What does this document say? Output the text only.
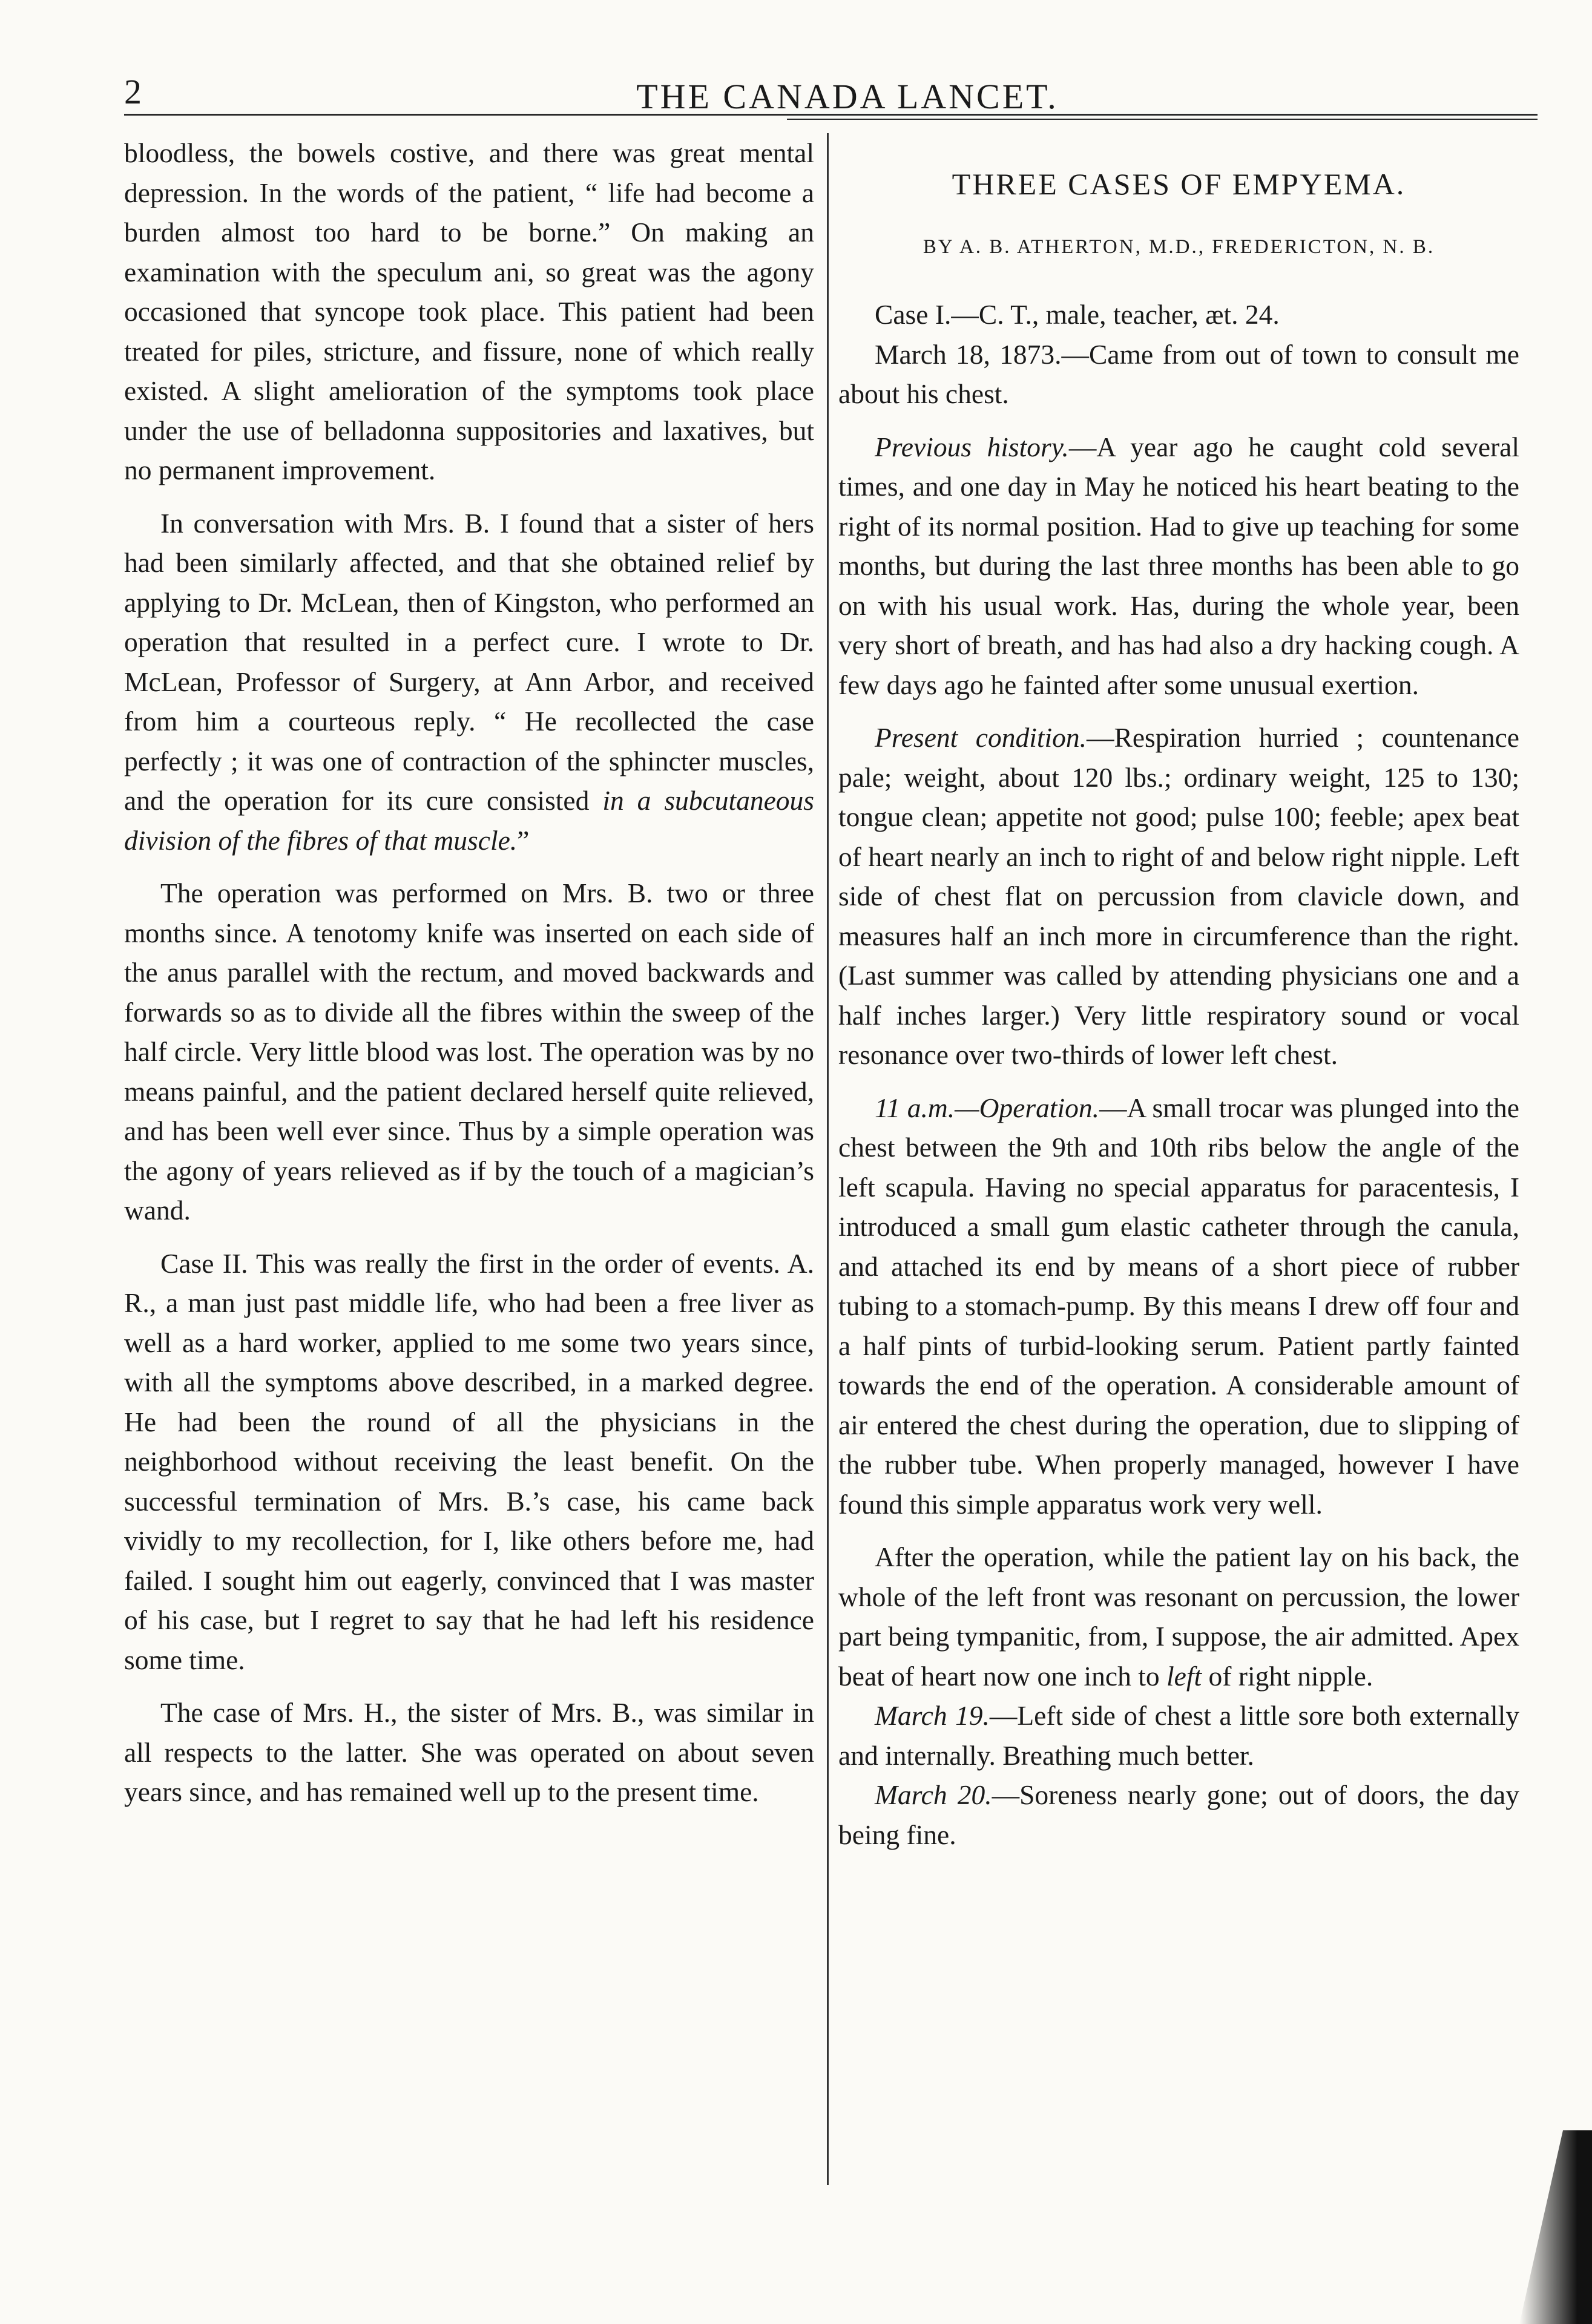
2	THE CANADA LANCET.

bloodless, the bowels costive, and there was great mental depression. In the words of the patient, “ life had become a burden almost too hard to be borne.” On making an examination with the speculum ani, so great was the agony occasioned that syncope took place. This patient had been treated for piles, stricture, and fissure, none of which really existed. A slight amelioration of the symptoms took place under the use of belladonna suppositories and laxatives, but no permanent improvement.

In conversation with Mrs. B. I found that a sister of hers had been similarly affected, and that she obtained relief by applying to Dr. McLean, then of Kingston, who performed an operation that resulted in a perfect cure. I wrote to Dr. McLean, Professor of Surgery, at Ann Arbor, and received from him a courteous reply. “ He recollected the case perfectly ; it was one of contraction of the sphincter muscles, and the operation for its cure consisted in a subcutaneous division of the fibres of that muscle.”

The operation was performed on Mrs. B. two or three months since. A tenotomy knife was inserted on each side of the anus parallel with the rectum, and moved backwards and forwards so as to divide all the fibres within the sweep of the half circle. Very little blood was lost. The operation was by no means painful, and the patient declared herself quite relieved, and has been well ever since. Thus by a simple operation was the agony of years relieved as if by the touch of a magician’s wand.

Case II. This was really the first in the order of events. A. R., a man just past middle life, who had been a free liver as well as a hard worker, applied to me some two years since, with all the symptoms above described, in a marked degree. He had been the round of all the physicians in the neighborhood without receiving the least benefit. On the successful termination of Mrs. B.’s case, his came back vividly to my recollection, for I, like others before me, had failed. I sought him out eagerly, convinced that I was master of his case, but I regret to say that he had left his residence some time.

The case of Mrs. H., the sister of Mrs. B., was similar in all respects to the latter. She was operated on about seven years since, and has remained well up to the present time.

THREE CASES OF EMPYEMA.
BY A. B. ATHERTON, M.D., FREDERICTON, N. B.

Case I.—C. T., male, teacher, æt. 24.

March 18, 1873.—Came from out of town to consult me about his chest.

Previous history.—A year ago he caught cold several times, and one day in May he noticed his heart beating to the right of its normal position. Had to give up teaching for some months, but during the last three months has been able to go on with his usual work. Has, during the whole year, been very short of breath, and has had also a dry hacking cough. A few days ago he fainted after some unusual exertion.

Present condition.—Respiration hurried ; countenance pale; weight, about 120 lbs.; ordinary weight, 125 to 130; tongue clean; appetite not good; pulse 100; feeble; apex beat of heart nearly an inch to right of and below right nipple. Left side of chest flat on percussion from clavicle down, and measures half an inch more in circumference than the right. (Last summer was called by attending physicians one and a half inches larger.) Very little respiratory sound or vocal resonance over two-thirds of lower left chest.

11 a.m.—Operation.—A small trocar was plunged into the chest between the 9th and 10th ribs below the angle of the left scapula. Having no special apparatus for paracentesis, I introduced a small gum elastic catheter through the canula, and attached its end by means of a short piece of rubber tubing to a stomach-pump. By this means I drew off four and a half pints of turbid-looking serum. Patient partly fainted towards the end of the operation. A considerable amount of air entered the chest during the operation, due to slipping of the rubber tube. When properly managed, however I have found this simple apparatus work very well.

After the operation, while the patient lay on his back, the whole of the left front was resonant on percussion, the lower part being tympanitic, from, I suppose, the air admitted. Apex beat of heart now one inch to left of right nipple.

March 19.—Left side of chest a little sore both externally and internally. Breathing much better.

March 20.—Soreness nearly gone; out of doors, the day being fine.
